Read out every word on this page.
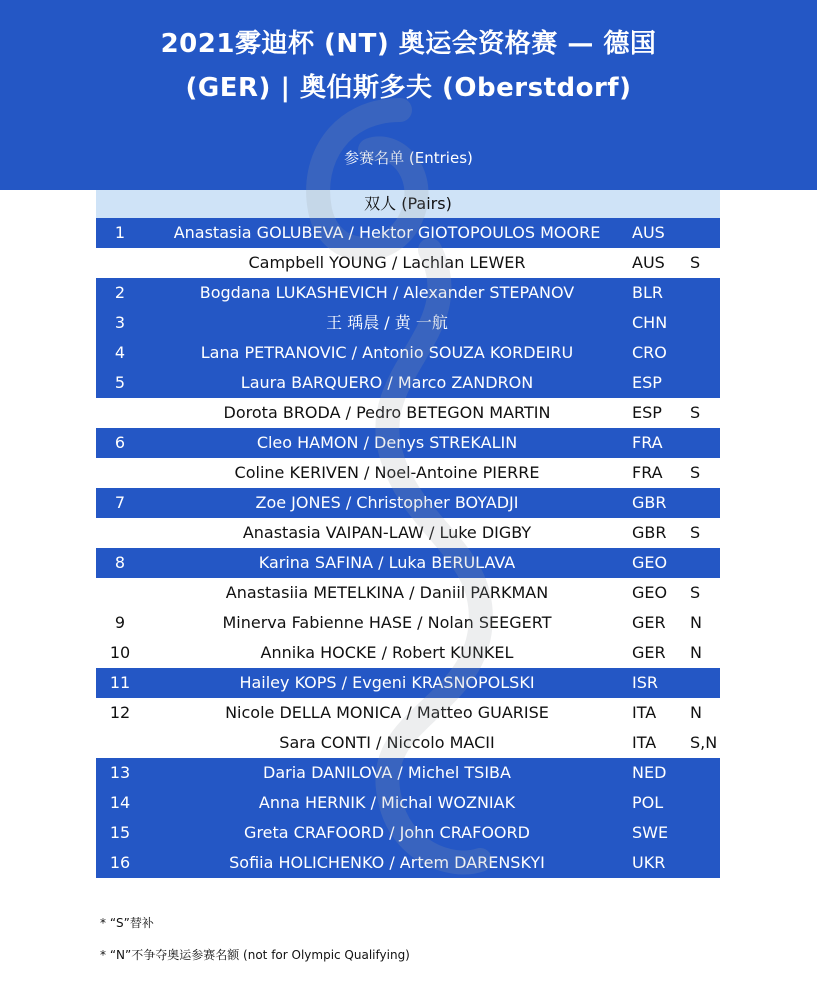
2021雾迪杯 (NT) 奥运会资格赛 — 德国
(GER) | 奥伯斯多夫 (Oberstdorf)
参赛名单 (Entries)
双人 (Pairs)
1	Anastasia GOLUBEVA / Hektor GIOTOPOULOS MOORE	AUS
Campbell YOUNG / Lachlan LEWER	AUS	S
2	Bogdana LUKASHEVICH / Alexander STEPANOV	BLR
3	王 瑀晨 / 黄 一航	CHN
4	Lana PETRANOVIC / Antonio SOUZA KORDEIRU	CRO
5	Laura BARQUERO / Marco ZANDRON	ESP
Dorota BRODA / Pedro BETEGON MARTIN	ESP	S
6	Cleo HAMON / Denys STREKALIN	FRA
Coline KERIVEN / Noel-Antoine PIERRE	FRA	S
7	Zoe JONES / Christopher BOYADJI	GBR
Anastasia VAIPAN-LAW / Luke DIGBY	GBR	S
8	Karina SAFINA / Luka BERULAVA	GEO
Anastasiia METELKINA / Daniil PARKMAN	GEO	S
9	Minerva Fabienne HASE / Nolan SEEGERT	GER	N
10	Annika HOCKE / Robert KUNKEL	GER	N
11	Hailey KOPS / Evgeni KRASNOPOLSKI	ISR
12	Nicole DELLA MONICA / Matteo GUARISE	ITA	N
Sara CONTI / Niccolo MACII	ITA	S,N
13	Daria DANILOVA / Michel TSIBA	NED
14	Anna HERNIK / Michal WOZNIAK	POL
15	Greta CRAFOORD / John CRAFOORD	SWE
16	Sofiia HOLICHENKO / Artem DARENSKYI	UKR
* “S”替补
* “N”不争夺奥运参赛名额 (not for Olympic Qualifying)
